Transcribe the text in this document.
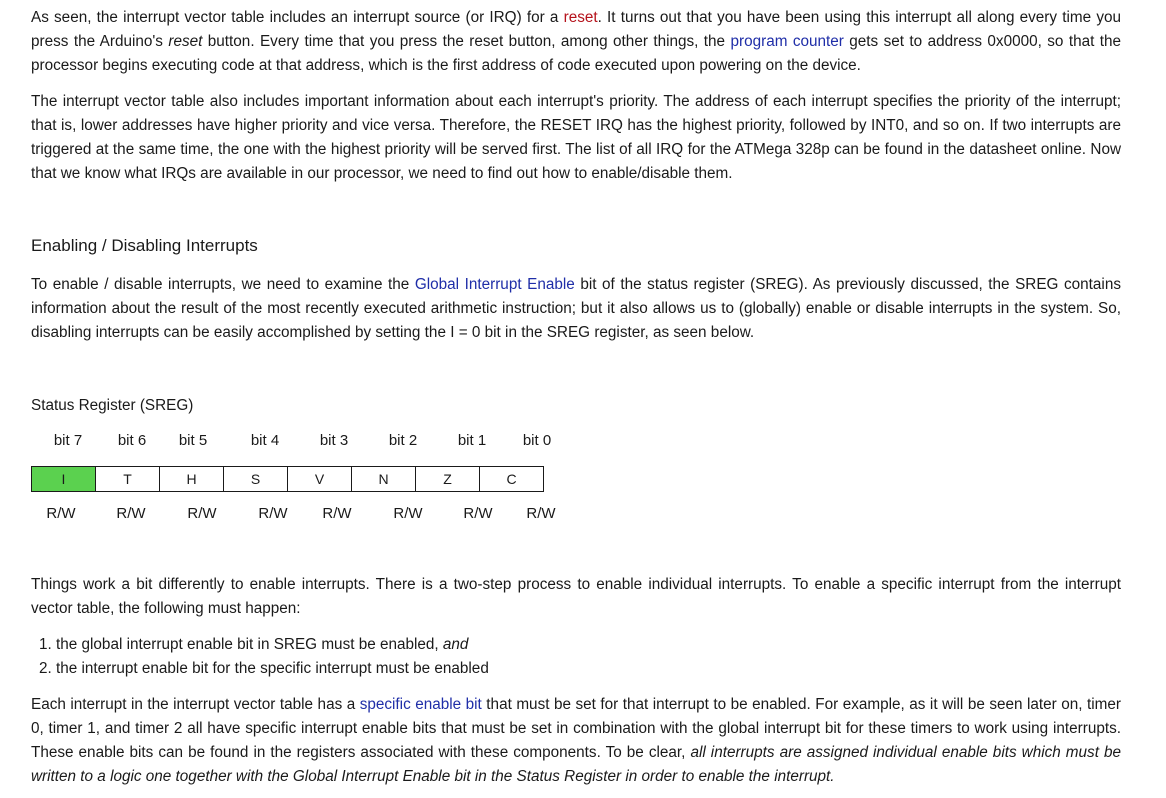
As seen, the interrupt vector table includes an interrupt source (or IRQ) for a reset. It turns out that you have been using this interrupt all along every time you press the Arduino's reset button. Every time that you press the reset button, among other things, the program counter gets set to address 0x0000, so that the processor begins executing code at that address, which is the first address of code executed upon powering on the device.

The interrupt vector table also includes important information about each interrupt's priority. The address of each interrupt specifies the priority of the interrupt; that is, lower addresses have higher priority and vice versa. Therefore, the RESET IRQ has the highest priority, followed by INT0, and so on. If two interrupts are triggered at the same time, the one with the highest priority will be served first. The list of all IRQ for the ATMega 328p can be found in the datasheet online. Now that we know what IRQs are available in our processor, we need to find out how to enable/disable them.

Enabling / Disabling Interrupts

To enable / disable interrupts, we need to examine the Global Interrupt Enable bit of the status register (SREG). As previously discussed, the SREG contains information about the result of the most recently executed arithmetic instruction; but it also allows us to (globally) enable or disable interrupts in the system. So, disabling interrupts can be easily accomplished by setting the I = 0 bit in the SREG register, as seen below.

Status Register (SREG)
bit 7	bit 6	bit 5	bit 4	bit 3	bit 2	bit 1	bit 0
I	T	H	S	V	N	Z	C
R/W	R/W	R/W	R/W	R/W	R/W	R/W	R/W

Things work a bit differently to enable interrupts. There is a two-step process to enable individual interrupts. To enable a specific interrupt from the interrupt vector table, the following must happen:

1. the global interrupt enable bit in SREG must be enabled, and
2. the interrupt enable bit for the specific interrupt must be enabled

Each interrupt in the interrupt vector table has a specific enable bit that must be set for that interrupt to be enabled. For example, as it will be seen later on, timer 0, timer 1, and timer 2 all have specific interrupt enable bits that must be set in combination with the global interrupt bit for these timers to work using interrupts. These enable bits can be found in the registers associated with these components. To be clear, all interrupts are assigned individual enable bits which must be written to a logic one together with the Global Interrupt Enable bit in the Status Register in order to enable the interrupt.
